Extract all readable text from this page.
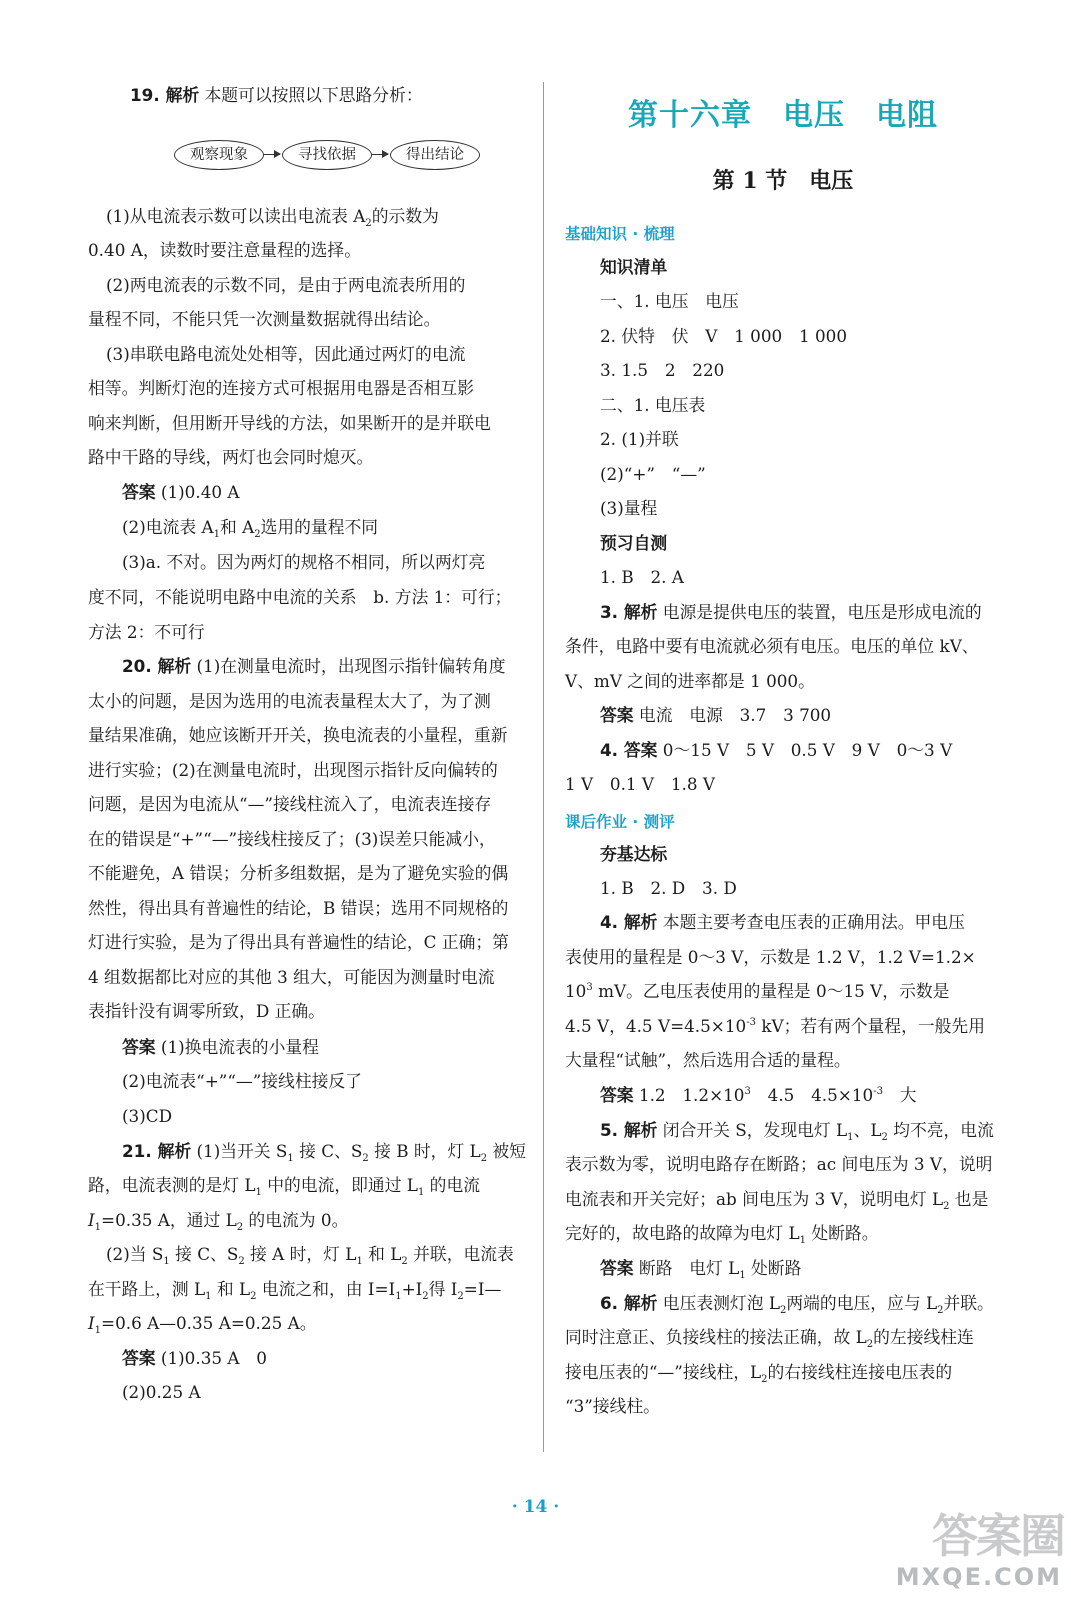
19. 解析 本题可以按照以下思路分析：
观察现象	寻找依据	得出结论
(1)从电流表示数可以读出电流表 $A_2$的示数为
0.40 A，读数时要注意量程的选择。
(2)两电流表的示数不同，是由于两电流表所用的
量程不同，不能只凭一次测量数据就得出结论。
(3)串联电路电流处处相等，因此通过两灯的电流
相等。判断灯泡的连接方式可根据用电器是否相互影
响来判断，但用断开导线的方法，如果断开的是并联电
路中干路的导线，两灯也会同时熄灭。
答案 (1)0.40 A
(2)电流表 $A_1$和 $A_2$选用的量程不同
(3)a. 不对。因为两灯的规格不相同，所以两灯亮
度不同，不能说明电路中电流的关系　b. 方法 1：可行；
方法 2：不可行
20. 解析 (1)在测量电流时，出现图示指针偏转角度
太小的问题，是因为选用的电流表量程太大了，为了测
量结果准确，她应该断开开关，换电流表的小量程，重新
进行实验；(2)在测量电流时，出现图示指针反向偏转的
问题，是因为电流从“—”接线柱流入了，电流表连接存
在的错误是“+”“—”接线柱接反了；(3)误差只能减小，
不能避免，A 错误；分析多组数据，是为了避免实验的偶
然性，得出具有普遍性的结论，B 错误；选用不同规格的
灯进行实验，是为了得出具有普遍性的结论，C 正确；第
4 组数据都比对应的其他 3 组大，可能因为测量时电流
表指针没有调零所致，D 正确。
答案 (1)换电流表的小量程
(2)电流表“+”“—”接线柱接反了
(3)CD
21. 解析 (1)当开关 $S_1$ 接 C、$S_2$ 接 B 时，灯 $L_2$ 被短
路，电流表测的是灯 $L_1$ 中的电流，即通过 $L_1$ 的电流
$I_1=0.35$ A，通过 $L_2$ 的电流为 0。
(2)当 $S_1$ 接 C、$S_2$ 接 A 时，灯 $L_1$ 和 $L_2$ 并联，电流表
在干路上，测 $L_1$ 和 $L_2$ 电流之和，由 $I=I_1+I_2$得 $I_2=I—$
$I_1=0.6$ A—0.35 A=0.25 A。
答案 (1)0.35 A　0
(2)0.25 A
第十六章　电压　电阻
第 1 节　电压
基础知识 · 梳理
知识清单
一、1. 电压　电压
2. 伏特　伏　V　1 000　1 000
3. 1.5　2　220
二、1. 电压表
2. (1)并联
(2)“+”　“—”
(3)量程
预习自测
1. B　2. A
3. 解析 电源是提供电压的装置，电压是形成电流的
条件，电路中要有电流就必须有电压。电压的单位 kV、
V、mV 之间的进率都是 1 000。
答案 电流　电源　3.7　3 700
4. 答案 0～15 V　5 V　0.5 V　9 V　0～3 V
1 V　0.1 V　1.8 V
课后作业 · 测评
夯基达标
1. B　2. D　3. D
4. 解析 本题主要考查电压表的正确用法。甲电压
表使用的量程是 0～3 V，示数是 1.2 V，1.2 V=1.2×
$10^3$ mV。乙电压表使用的量程是 0～15 V，示数是
4.5 V，4.5 $V=4.5\times 10^{-3}$ kV；若有两个量程，一般先用
大量程“试触”，然后选用合适的量程。
答案 1.2　$1.2\times 10^3$　4.5　$4.5\times 10^{-3}$　大
5. 解析 闭合开关 S，发现电灯 $L_1$、$L_2$ 均不亮，电流
表示数为零，说明电路存在断路；ac 间电压为 3 V，说明
电流表和开关完好；ab 间电压为 3 V，说明电灯 $L_2$ 也是
完好的，故电路的故障为电灯 $L_1$ 处断路。
答案 断路　电灯 $L_1$ 处断路
6. 解析 电压表测灯泡 $L_2$两端的电压，应与 $L_2$并联。
同时注意正、负接线柱的接法正确，故 $L_2$的左接线柱连
接电压表的“—”接线柱，$L_2$的右接线柱连接电压表的
“3”接线柱。
· 14 ·
答案圈
MXQE.COM
